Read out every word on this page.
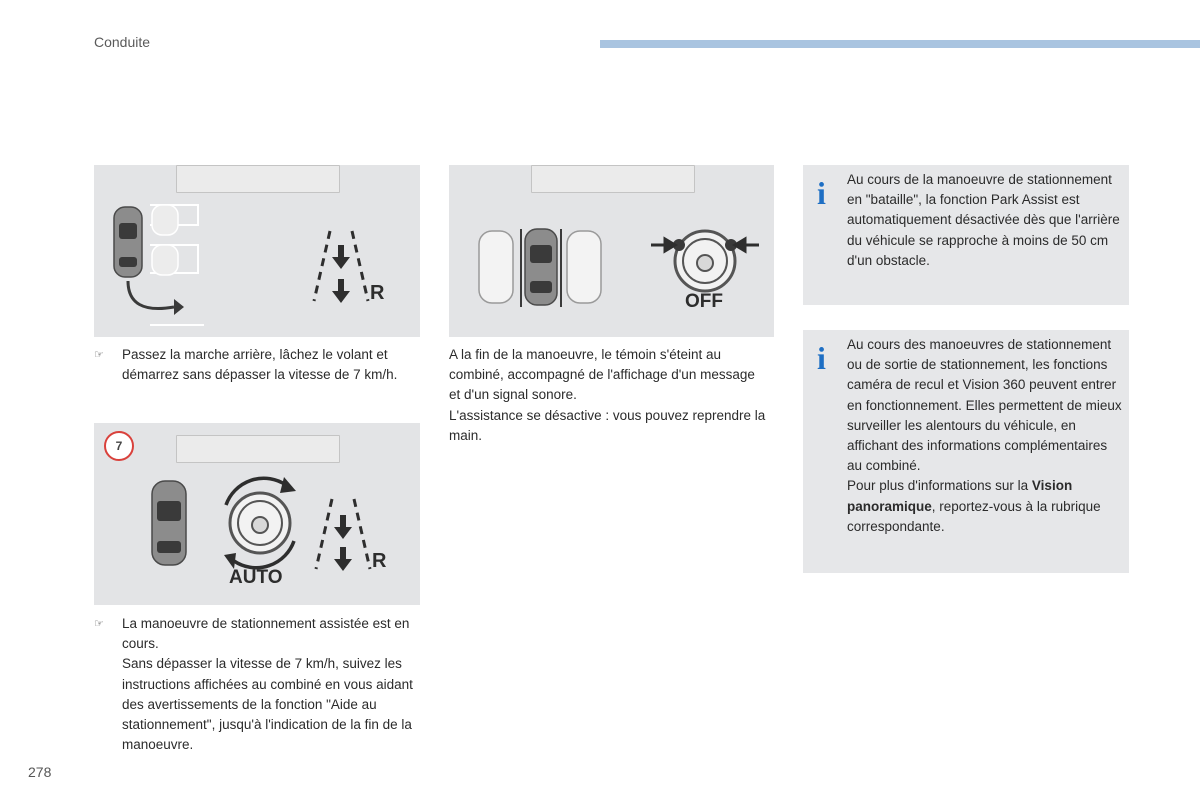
Conduite
R	OFF
7
R
AUTO
☞	Passez la marche arrière, lâchez le volant et démarrez sans dépasser la vitesse de 7 km/h.
A la fin de la manoeuvre, le témoin s'éteint au combiné, accompagné de l'affichage d'un message et d'un signal sonore.
L'assistance se désactive : vous pouvez reprendre la main.
☞	La manoeuvre de stationnement assistée est en cours.
Sans dépasser la vitesse de 7 km/h, suivez les instructions affichées au combiné en vous aidant des avertissements de la fonction "Aide au stationnement", jusqu'à l'indication de la fin de la manoeuvre.
i Au cours de la manoeuvre de stationnement en "bataille", la fonction Park Assist est automatiquement désactivée dès que l'arrière du véhicule se rapproche à moins de 50 cm d'un obstacle.
i Au cours des manoeuvres de stationnement ou de sortie de stationnement, les fonctions caméra de recul et Vision 360 peuvent entrer en fonctionnement. Elles permettent de mieux surveiller les alentours du véhicule, en affichant des informations complémentaires au combiné.
Pour plus d'informations sur la Vision panoramique, reportez-vous à la rubrique correspondante.
278
